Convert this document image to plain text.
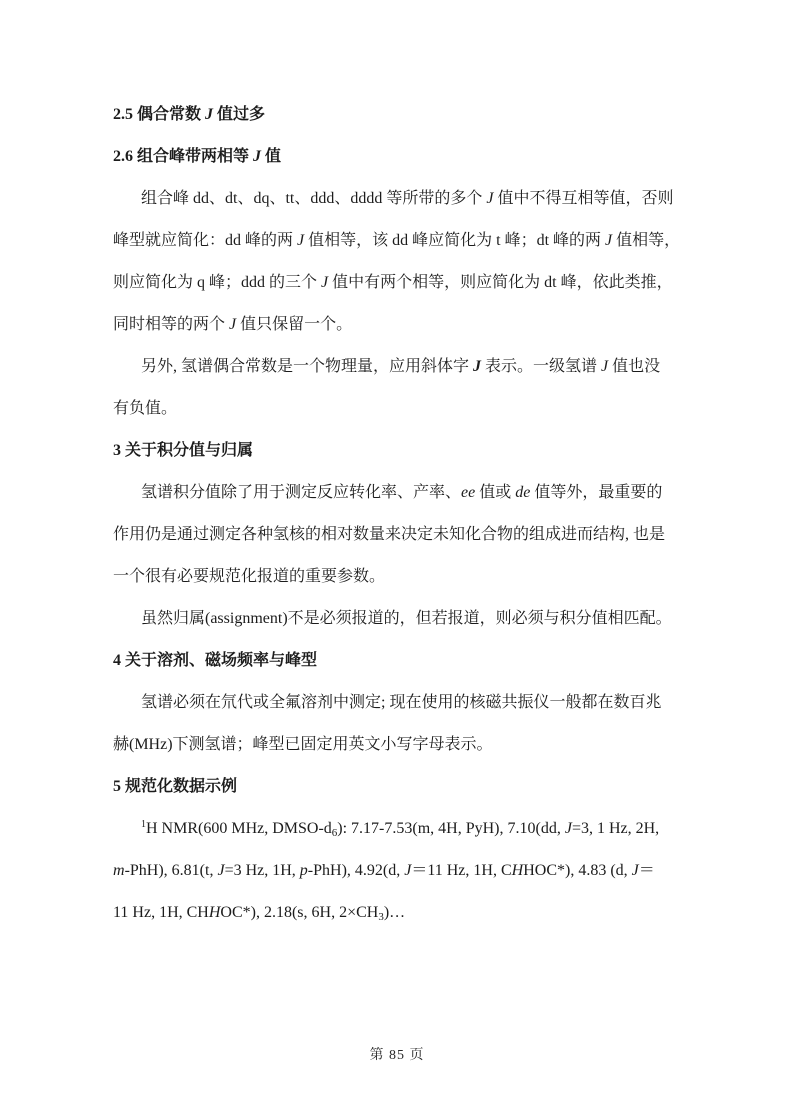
2.5 偶合常数 J 值过多
2.6 组合峰带两相等 J 值
组合峰 dd、dt、dq、tt、ddd、dddd 等所带的多个 J 值中不得互相等值，否则
峰型就应简化：dd 峰的两 J 值相等，该 dd 峰应简化为 t 峰；dt 峰的两 J 值相等，
则应简化为 q 峰；ddd 的三个 J 值中有两个相等，则应简化为 dt 峰，依此类推，
同时相等的两个 J 值只保留一个。
另外, 氢谱偶合常数是一个物理量，应用斜体字 J 表示。一级氢谱 J 值也没
有负值。
3 关于积分值与归属
氢谱积分值除了用于测定反应转化率、产率、ee 值或 de 值等外，最重要的
作用仍是通过测定各种氢核的相对数量来决定未知化合物的组成进而结构, 也是
一个很有必要规范化报道的重要参数。
虽然归属(assignment)不是必须报道的，但若报道，则必须与积分值相匹配。
4 关于溶剂、磁场频率与峰型
氢谱必须在氘代或全氟溶剂中测定; 现在使用的核磁共振仪一般都在数百兆
赫(MHz)下测氢谱；峰型已固定用英文小写字母表示。
5 规范化数据示例
$^1$H NMR(600 MHz, DMSO-$d_6$): 7.17-7.53(m, 4H, PyH), 7.10(dd, J=3, 1 Hz, 2H,
m-PhH), 6.81(t, J=3 Hz, 1H, p-PhH), 4.92(d, J＝11 Hz, 1H, CHHOC*), 4.83 (d, J＝
11 Hz, 1H, CHHOC*), 2.18(s, 6H, $2\times CH_3)\dots$
第 85 页
